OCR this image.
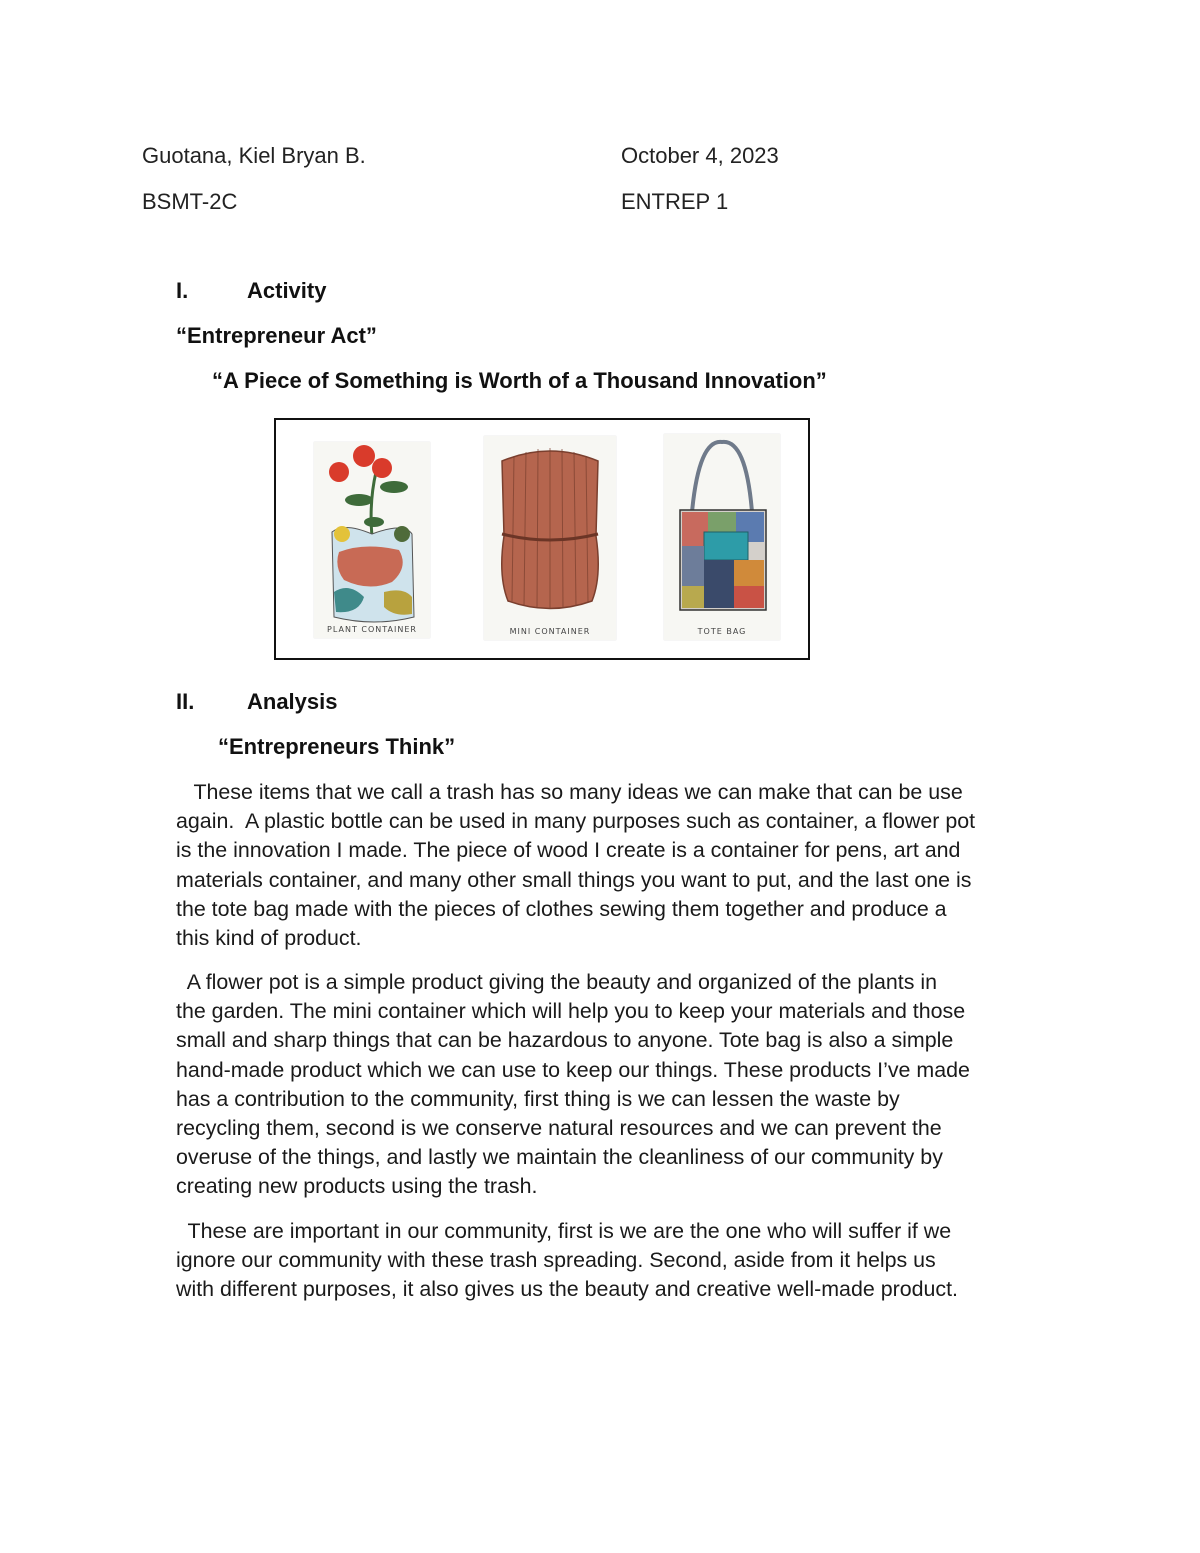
Guotana, Kiel Bryan B.	October 4, 2023
BSMT-2C	ENTREP 1
I.	Activity
“Entrepreneur Act”
“A Piece of Something is Worth of a Thousand Innovation”
PLANT CONTAINER	MINI CONTAINER	TOTE BAG
II. Analysis
“Entrepreneurs Think”
These items that we call a trash has so many ideas we can make that can be use
again.  A plastic bottle can be used in many purposes such as container, a flower pot
is the innovation I made. The piece of wood I create is a container for pens, art and
materials container, and many other small things you want to put, and the last one is
the tote bag made with the pieces of clothes sewing them together and produce a
this kind of product.
A flower pot is a simple product giving the beauty and organized of the plants in
the garden. The mini container which will help you to keep your materials and those
small and sharp things that can be hazardous to anyone. Tote bag is also a simple
hand-made product which we can use to keep our things. These products I’ve made
has a contribution to the community, first thing is we can lessen the waste by
recycling them, second is we conserve natural resources and we can prevent the
overuse of the things, and lastly we maintain the cleanliness of our community by
creating new products using the trash.
These are important in our community, first is we are the one who will suffer if we
ignore our community with these trash spreading. Second, aside from it helps us
with different purposes, it also gives us the beauty and creative well-made product.
